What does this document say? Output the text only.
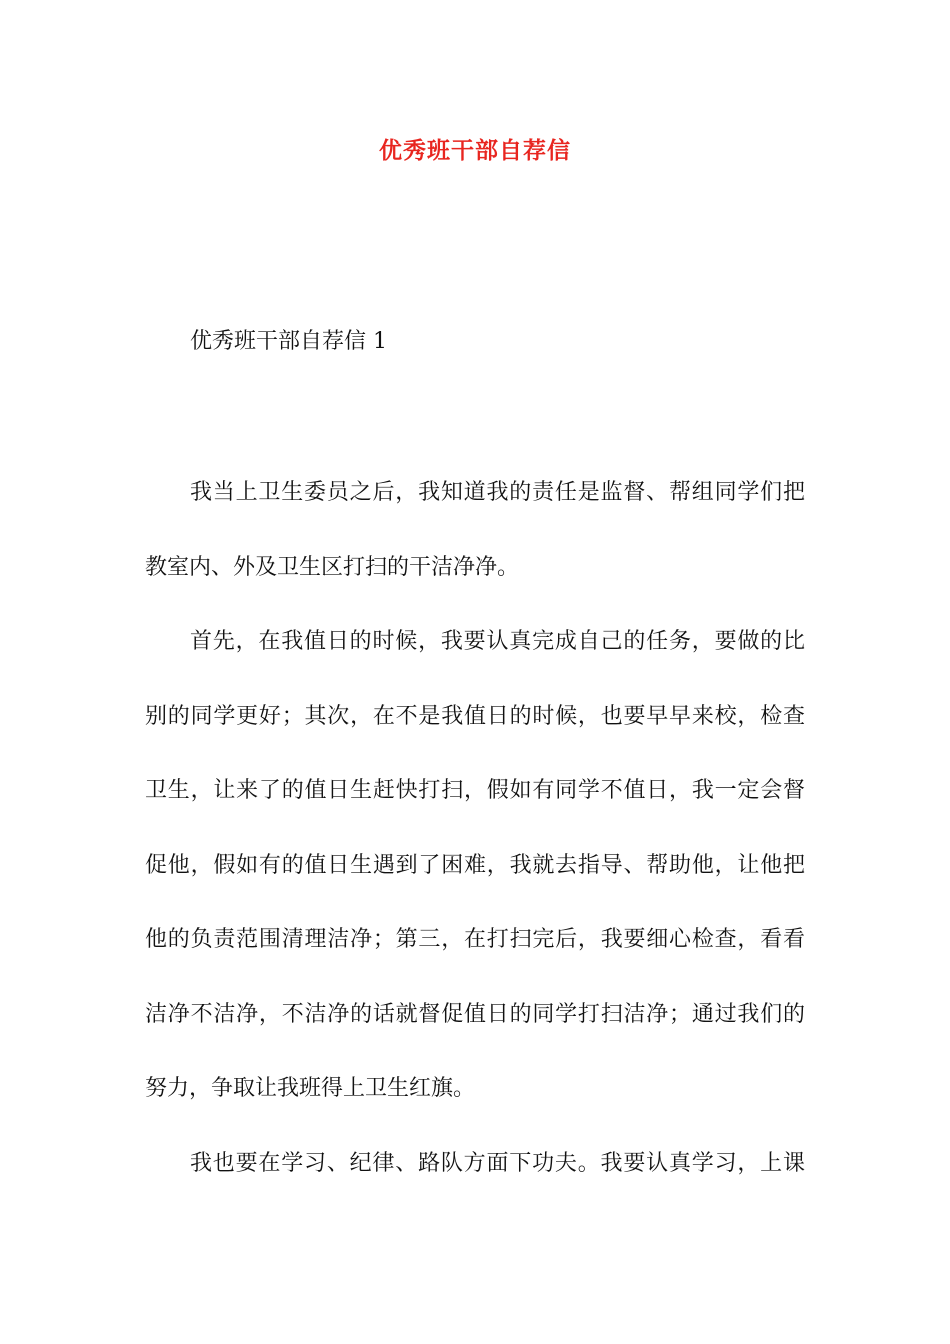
优秀班干部自荐信
优秀班干部自荐信 1
我当上卫生委员之后，我知道我的责任是监督、帮组同学们把
教室内、外及卫生区打扫的干洁净净。
首先，在我值日的时候，我要认真完成自己的任务，要做的比
别的同学更好；其次，在不是我值日的时候，也要早早来校，检查
卫生，让来了的值日生赶快打扫，假如有同学不值日，我一定会督
促他，假如有的值日生遇到了困难，我就去指导、帮助他，让他把
他的负责范围清理洁净；第三，在打扫完后，我要细心检查，看看
洁净不洁净，不洁净的话就督促值日的同学打扫洁净；通过我们的
努力，争取让我班得上卫生红旗。
我也要在学习、纪律、路队方面下功夫。我要认真学习，上课
